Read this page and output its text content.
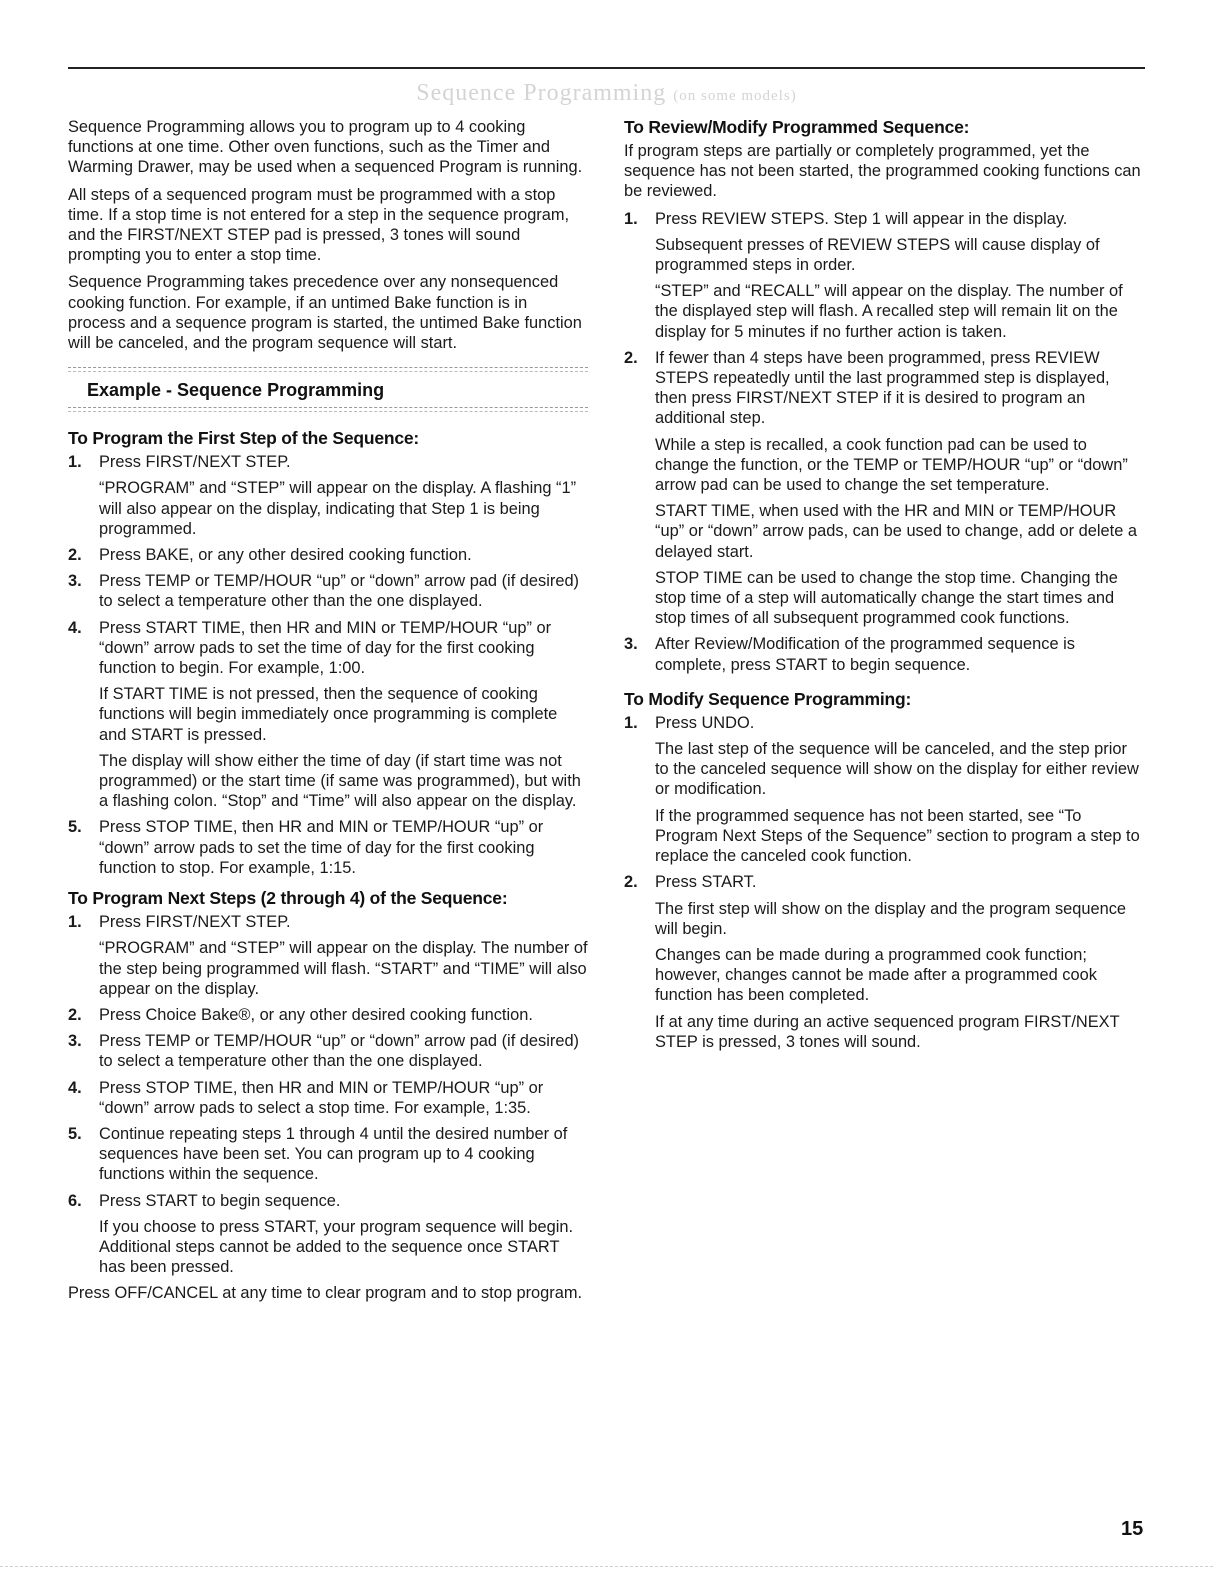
Sequence Programming (on some models)

Sequence Programming allows you to program up to 4 cooking functions at one time. Other oven functions, such as the Timer and Warming Drawer, may be used when a sequenced Program is running.

All steps of a sequenced program must be programmed with a stop time. If a stop time is not entered for a step in the sequence program, and the FIRST/NEXT STEP pad is pressed, 3 tones will sound prompting you to enter a stop time.

Sequence Programming takes precedence over any nonsequenced cooking function. For example, if an untimed Bake function is in process and a sequence program is started, the untimed Bake function will be canceled, and the program sequence will start.

Example - Sequence Programming
To Program the First Step of the Sequence:
1. Press FIRST/NEXT STEP.

“PROGRAM” and “STEP” will appear on the display. A flashing “1” will also appear on the display, indicating that Step 1 is being programmed.

2. Press BAKE, or any other desired cooking function.

3. Press TEMP or TEMP/HOUR “up” or “down” arrow pad (if desired) to select a temperature other than the one displayed.

4. Press START TIME, then HR and MIN or TEMP/HOUR “up” or “down” arrow pads to set the time of day for the first cooking function to begin. For example, 1:00.

If START TIME is not pressed, then the sequence of cooking functions will begin immediately once programming is complete and START is pressed.

The display will show either the time of day (if start time was not programmed) or the start time (if same was programmed), but with a flashing colon. “Stop” and “Time” will also appear on the display.

5. Press STOP TIME, then HR and MIN or TEMP/HOUR “up” or “down” arrow pads to set the time of day for the first cooking function to stop. For example, 1:15.

To Program Next Steps (2 through 4) of the Sequence:
1. Press FIRST/NEXT STEP.

“PROGRAM” and “STEP” will appear on the display. The number of the step being programmed will flash. “START” and “TIME” will also appear on the display.

2. Press Choice Bake®, or any other desired cooking function.

3. Press TEMP or TEMP/HOUR “up” or “down” arrow pad (if desired) to select a temperature other than the one displayed.

4. Press STOP TIME, then HR and MIN or TEMP/HOUR “up” or “down” arrow pads to select a stop time. For example, 1:35.

5. Continue repeating steps 1 through 4 until the desired number of sequences have been set. You can program up to 4 cooking functions within the sequence.

6. Press START to begin sequence.

If you choose to press START, your program sequence will begin. Additional steps cannot be added to the sequence once START has been pressed.

Press OFF/CANCEL at any time to clear program and to stop program.

To Review/Modify Programmed Sequence:

If program steps are partially or completely programmed, yet the sequence has not been started, the programmed cooking functions can be reviewed.

1. Press REVIEW STEPS. Step 1 will appear in the display.

Subsequent presses of REVIEW STEPS will cause display of programmed steps in order.

“STEP” and “RECALL” will appear on the display. The number of the displayed step will flash. A recalled step will remain lit on the display for 5 minutes if no further action is taken.

2. If fewer than 4 steps have been programmed, press REVIEW STEPS repeatedly until the last programmed step is displayed, then press FIRST/NEXT STEP if it is desired to program an additional step.

While a step is recalled, a cook function pad can be used to change the function, or the TEMP or TEMP/HOUR “up” or “down” arrow pad can be used to change the set temperature.

START TIME, when used with the HR and MIN or TEMP/HOUR “up” or “down” arrow pads, can be used to change, add or delete a delayed start.

STOP TIME can be used to change the stop time. Changing the stop time of a step will automatically change the start times and stop times of all subsequent programmed cook functions.

3. After Review/Modification of the programmed sequence is complete, press START to begin sequence.

To Modify Sequence Programming:
1. Press UNDO.

The last step of the sequence will be canceled, and the step prior to the canceled sequence will show on the display for either review or modification.

If the programmed sequence has not been started, see “To Program Next Steps of the Sequence” section to program a step to replace the canceled cook function.

2. Press START.

The first step will show on the display and the program sequence will begin.

Changes can be made during a programmed cook function; however, changes cannot be made after a programmed cook function has been completed.

If at any time during an active sequenced program FIRST/NEXT STEP is pressed, 3 tones will sound.

15
